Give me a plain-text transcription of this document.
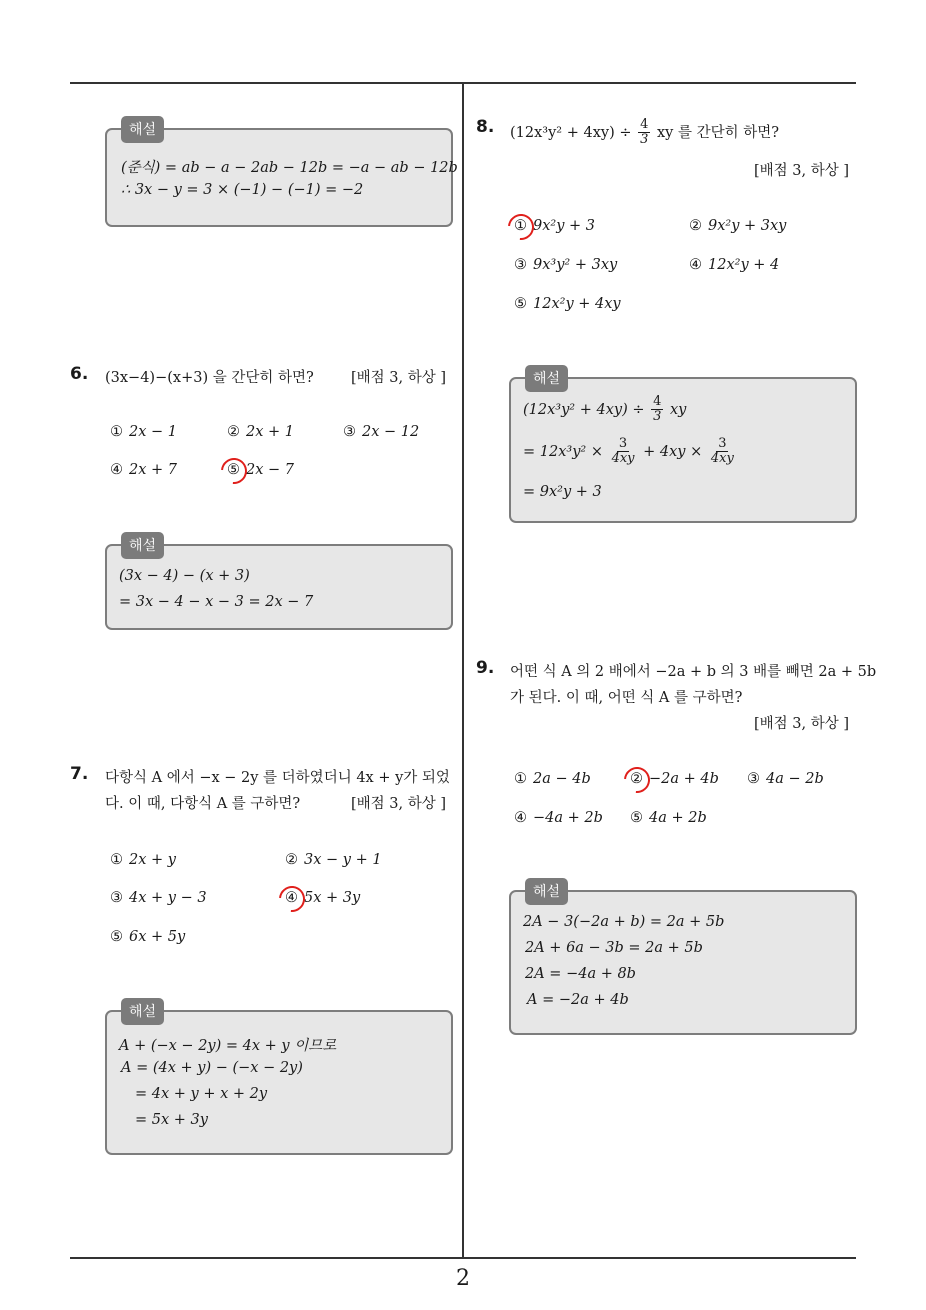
2
해설
(준식) = ab − a − 2ab − 12b = −a − ab − 12b
∴ 3x − y = 3 × (−1) − (−1) = −2
6. (3x−4)−(x+3) 을 간단히 하면?	[배점 3, 하상 ]
① 2x − 1	② 2x + 1	③ 2x − 12
④ 2x + 7	⑤ 2x − 7
해설
(3x − 4) − (x + 3)
= 3x − 4 − x − 3 = 2x − 7
7. 다항식 A 에서 −x − 2y 를 더하였더니 4x + y가 되었
다. 이 때, 다항식 A 를 구하면?	[배점 3, 하상 ]
① 2x + y	② 3x − y + 1
③ 4x + y − 3	④ 5x + 3y
⑤ 6x + 5y
해설
A + (−x − 2y) = 4x + y 이므로
A = (4x + y) − (−x − 2y)
= 4x + y + x + 2y
= 5x + 3y
8. $(12x^3y^2 + 4xy) \div \frac{4}{3}$ xy 를 간단히 하면?
[배점 3, 하상 ]
① 9x²y + 3	② 9x²y + 3xy
③ 9x³y² + 3xy	④ 12x²y + 4
⑤ 12x²y + 4xy
해설
$(12x^3y^2 + 4xy) \div \frac{4}{3}$ xy
= $12x^3y^2 \times \frac{3}{4xy} + 4xy \times \frac{3}{4xy}$
= 9x²y + 3
9. 어떤 식 A 의 2 배에서 −2a + b 의 3 배를 빼면 2a + 5b
가 된다. 이 때, 어떤 식 A 를 구하면?
[배점 3, 하상 ]
① 2a − 4b	② −2a + 4b ③ 4a − 2b
④ −4a + 2b ⑤ 4a + 2b
해설
2A − 3(−2a + b) = 2a + 5b
2A + 6a − 3b = 2a + 5b
2A = −4a + 8b
A = −2a + 4b
